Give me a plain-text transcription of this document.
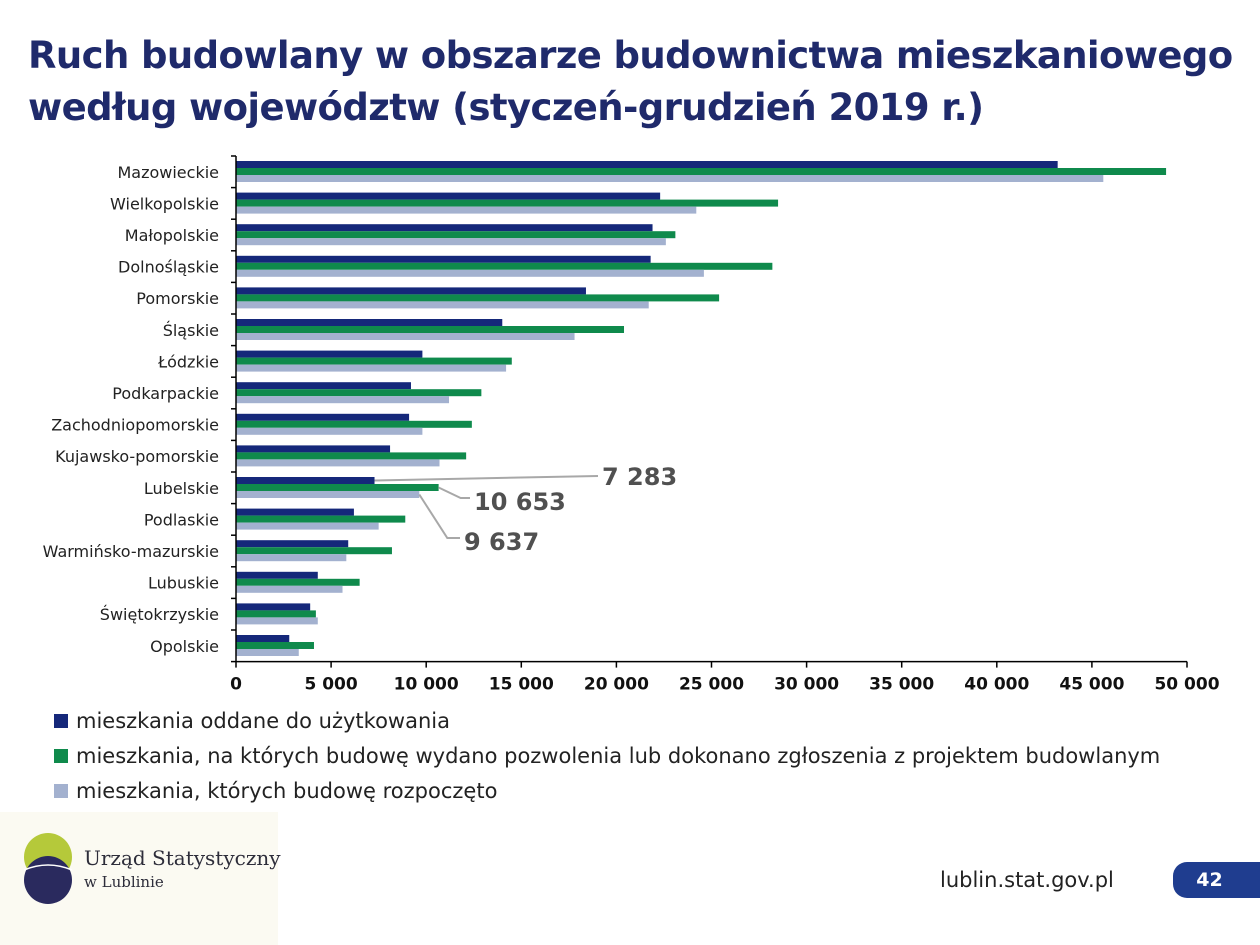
Ruch budowlany w obszarze budownictwa mieszkaniowego
według województw (styczeń-grudzień 2019 r.)
Mazowieckie
Wielkopolskie
Małopolskie
Dolnośląskie
Pomorskie
Śląskie
Łódzkie
Podkarpackie
Zachodniopomorskie
Kujawsko-pomorskie
Lubelskie
Podlaskie
Warmińsko-mazurskie
Lubuskie
Świętokrzyskie
Opolskie
0	5 000 10 000 15 000 20 000 25 000 30 000 35 000 40 000 45 000 50 000
7 283
10 653
9 637
mieszkania oddane do użytkowania
mieszkania, na których budowę wydano pozwolenia lub dokonano zgłoszenia z projektem budowlanym
mieszkania, których budowę rozpoczęto
Urząd Statystyczny
w Lublinie	lublin.stat.gov.pl	42
